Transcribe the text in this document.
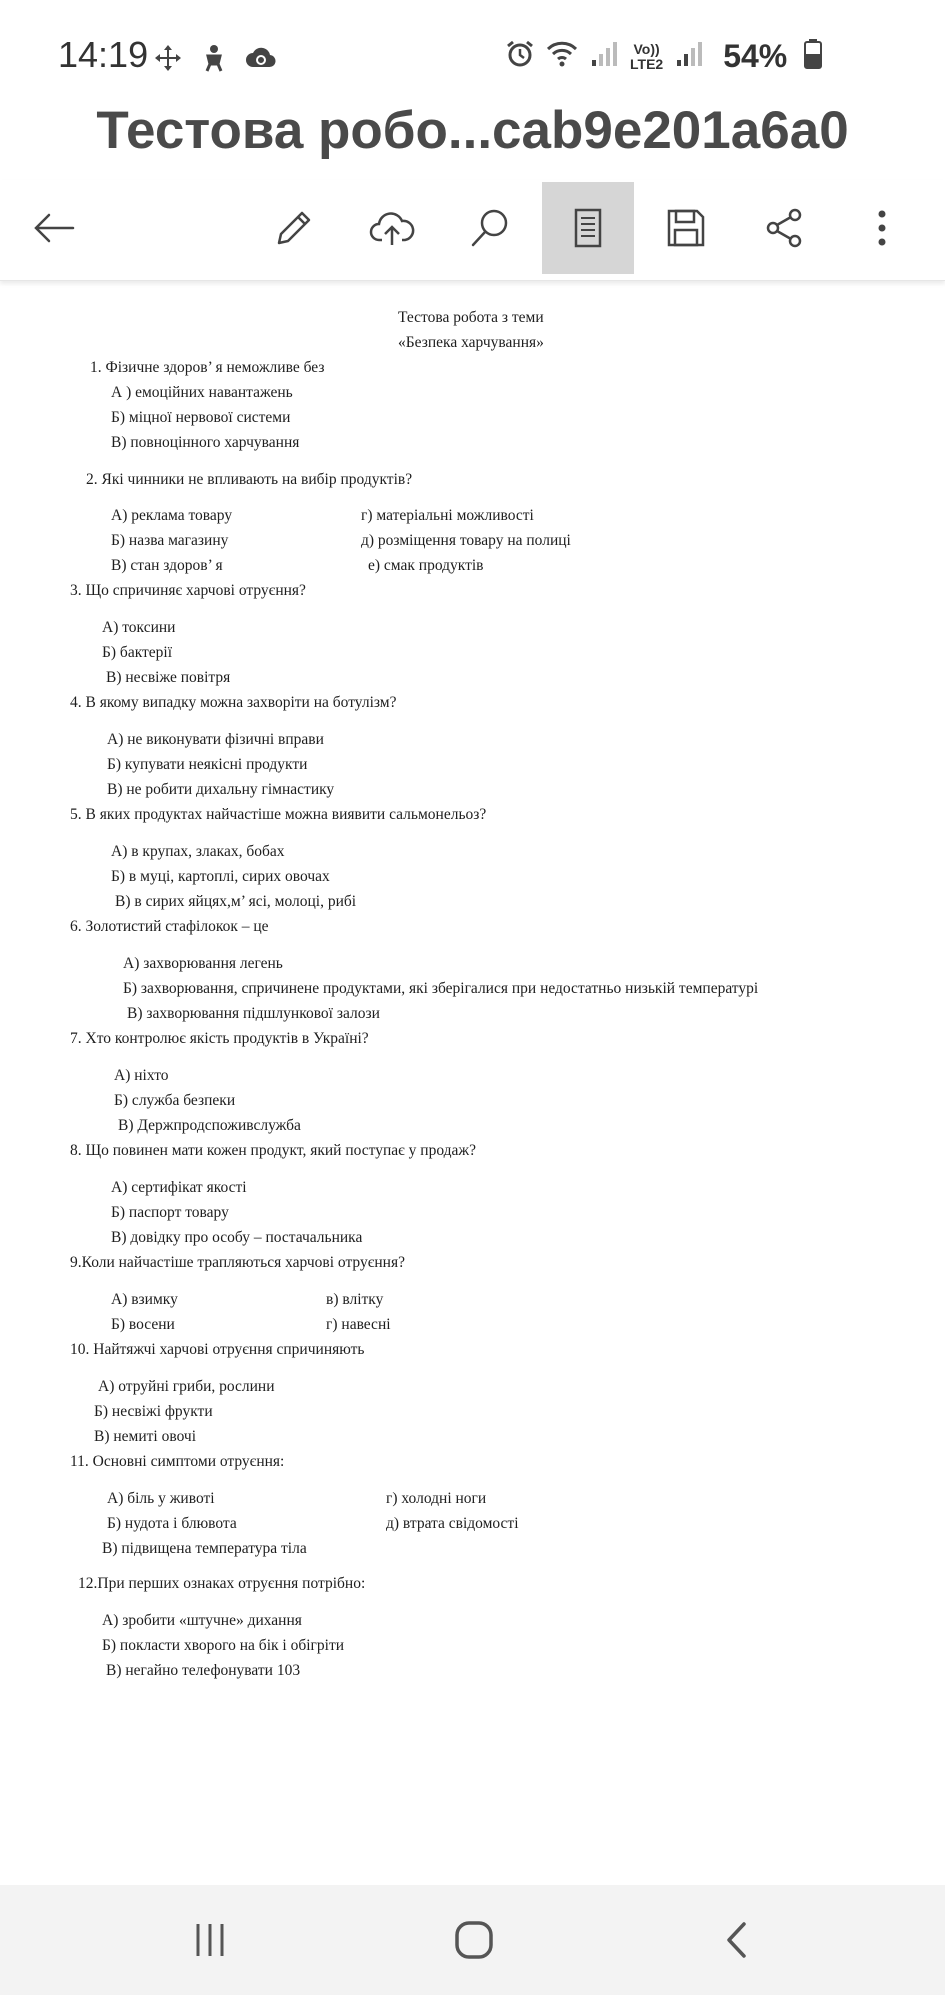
14:19	Vo))
LTE2 54%
Тестова робо...cab9e201a6a0
Тестова робота з теми
«Безпека харчування»
1. Фізичне здоров’ я неможливе без
А ) емоційних навантажень
Б) міцної нервової системи
В) повноцінного харчування
2. Які чинники не впливають на вибір продуктів?
А) реклама товару	г) матеріальні можливості
Б) назва магазину	д) розміщення товару на полиці
В) стан здоров’ я	е) смак продуктів
3. Що спричиняє харчові отруєння?
А) токсини
Б) бактерії
В) несвіже повітря
4. В якому випадку можна захворіти на ботулізм?
А) не виконувати фізичні вправи
Б) купувати неякісні продукти
В) не робити дихальну гімнастику
5. В яких продуктах найчастіше можна виявити сальмонельоз?
А) в крупах, злаках, бобах
Б) в муці, картоплі, сирих овочах
В) в сирих яйцях,м’ ясі, молоці, рибі
6. Золотистий стафілокок – це
А) захворювання легень
Б) захворювання, спричинене продуктами, які зберігалися при недостатньо низькій температурі
В) захворювання підшлункової залози
7. Хто контролює якість продуктів в Україні?
А) ніхто
Б) служба безпеки
В) Держпродспоживслужба
8. Що повинен мати кожен продукт, який поступає у продаж?
А) сертифікат якості
Б) паспорт товару
В) довідку про особу – постачальника
9.Коли найчастіше трапляються харчові отруєння?
А) взимку	в) влітку
Б) восени	г) навесні
10. Найтяжчі харчові отруєння спричиняють
А) отруйні гриби, рослини
Б) несвіжі фрукти
В) немиті овочі
11. Основні симптоми отруєння:
А) біль у животі	г) холодні ноги
Б) нудота і блювота	д) втрата свідомості
В) підвищена температура тіла
12.При перших ознаках отруєння потрібно:
А) зробити «штучне» дихання
Б) покласти хворого на бік і обігріти
В) негайно телефонувати 103
